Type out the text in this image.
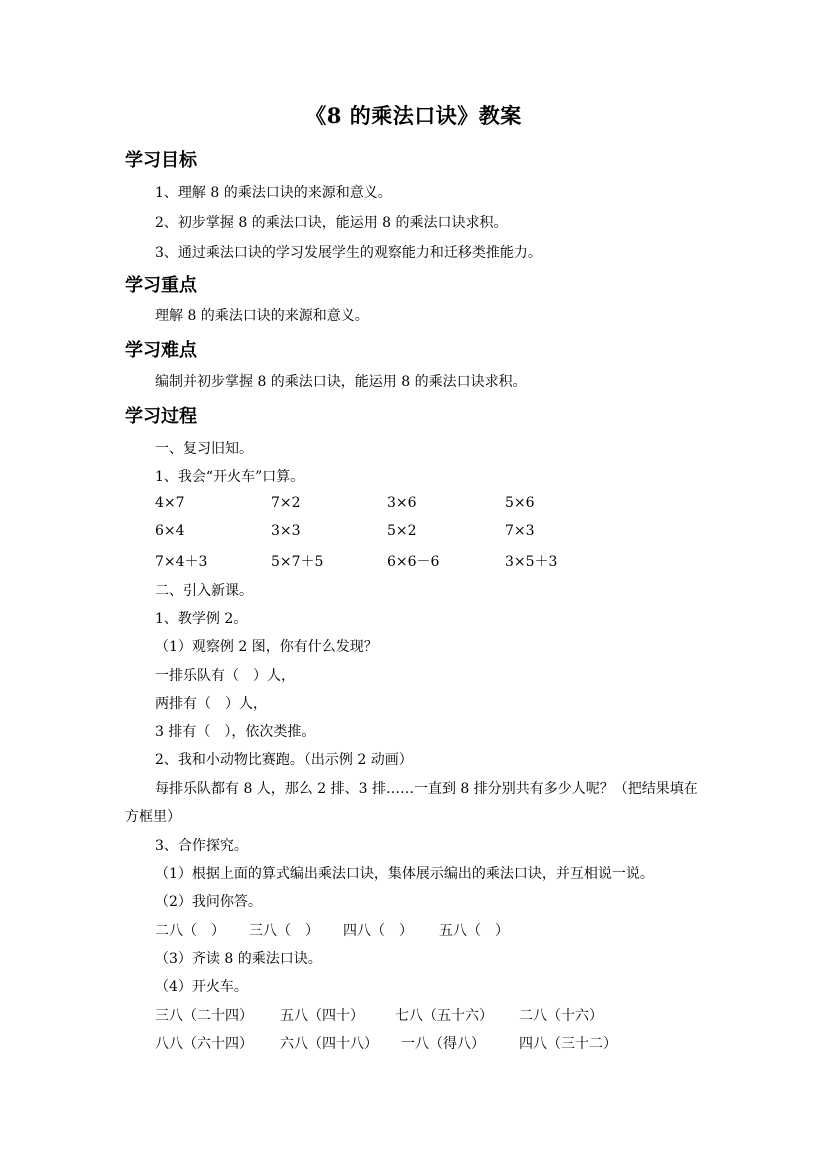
《8 的乘法口诀》教案
学习目标
1、理解 8 的乘法口诀的来源和意义。
2、初步掌握 8 的乘法口诀，能运用 8 的乘法口诀求积。
3、通过乘法口诀的学习发展学生的观察能力和迁移类推能力。
学习重点
理解 8 的乘法口诀的来源和意义。
学习难点
编制并初步掌握 8 的乘法口诀，能运用 8 的乘法口诀求积。
学习过程
一、复习旧知。
1、我会“开火车”口算。
4×7	7×2	3×6	5×6
6×4	3×3	5×2	7×3
7×4＋3	5×7＋5	6×6－6	3×5＋3
二、引入新课。
1、教学例 2。
（1）观察例 2 图，你有什么发现？
一排乐队有（　）人，
两排有（　）人，
3 排有（　），依次类推。
2、我和小动物比赛跑。（出示例 2 动画）
每排乐队都有 8 人，那么 2 排、3 排……一直到 8 排分别共有多少人呢？（把结果填在
方框里）
3、合作探究。
（1）根据上面的算式编出乘法口诀，集体展示编出的乘法口诀，并互相说一说。
（2）我问你答。
二八（　） 三八（　） 四八（　） 五八（　）
（3）齐读 8 的乘法口诀。
（4）开火车。
三八（二十四） 五八（四十） 七八（五十六） 二八（十六）
八八（六十四） 六八（四十八） 一八（得八） 四八（三十二）
